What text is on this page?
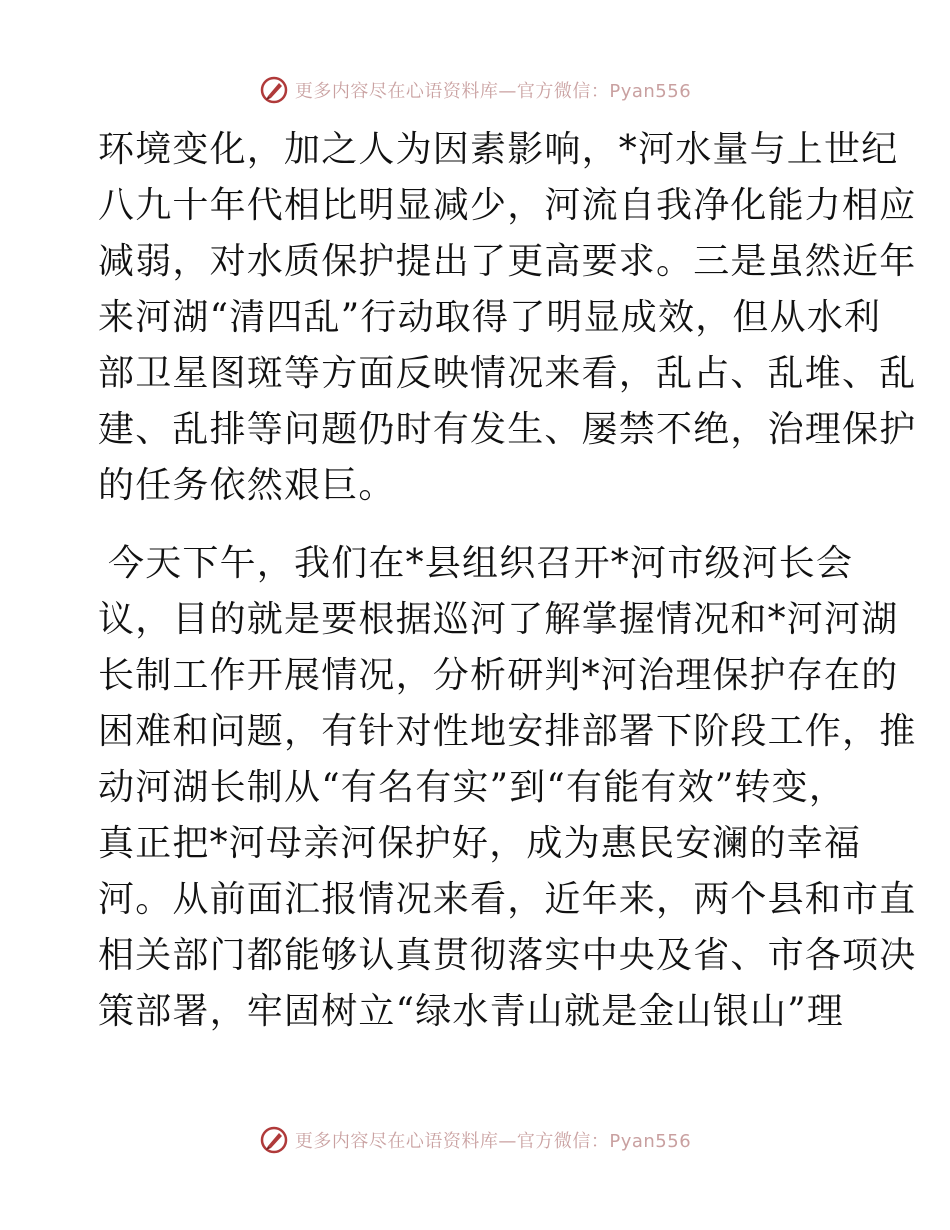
更多内容尽在心语资料库—官方微信：Pyan556
环境变化，加之人为因素影响，*河水量与上世纪
八九十年代相比明显减少，河流自我净化能力相应
减弱，对水质保护提出了更高要求。三是虽然近年
来河湖“清四乱”行动取得了明显成效，但从水利
部卫星图斑等方面反映情况来看，乱占、乱堆、乱
建、乱排等问题仍时有发生、屡禁不绝，治理保护
的任务依然艰巨。
今天下午，我们在*县组织召开*河市级河长会
议，目的就是要根据巡河了解掌握情况和*河河湖
长制工作开展情况，分析研判*河治理保护存在的
困难和问题，有针对性地安排部署下阶段工作，推
动河湖长制从“有名有实”到“有能有效”转变，
真正把*河母亲河保护好，成为惠民安澜的幸福
河。从前面汇报情况来看，近年来，两个县和市直
相关部门都能够认真贯彻落实中央及省、市各项决
策部署，牢固树立“绿水青山就是金山银山”理
更多内容尽在心语资料库—官方微信：Pyan556
